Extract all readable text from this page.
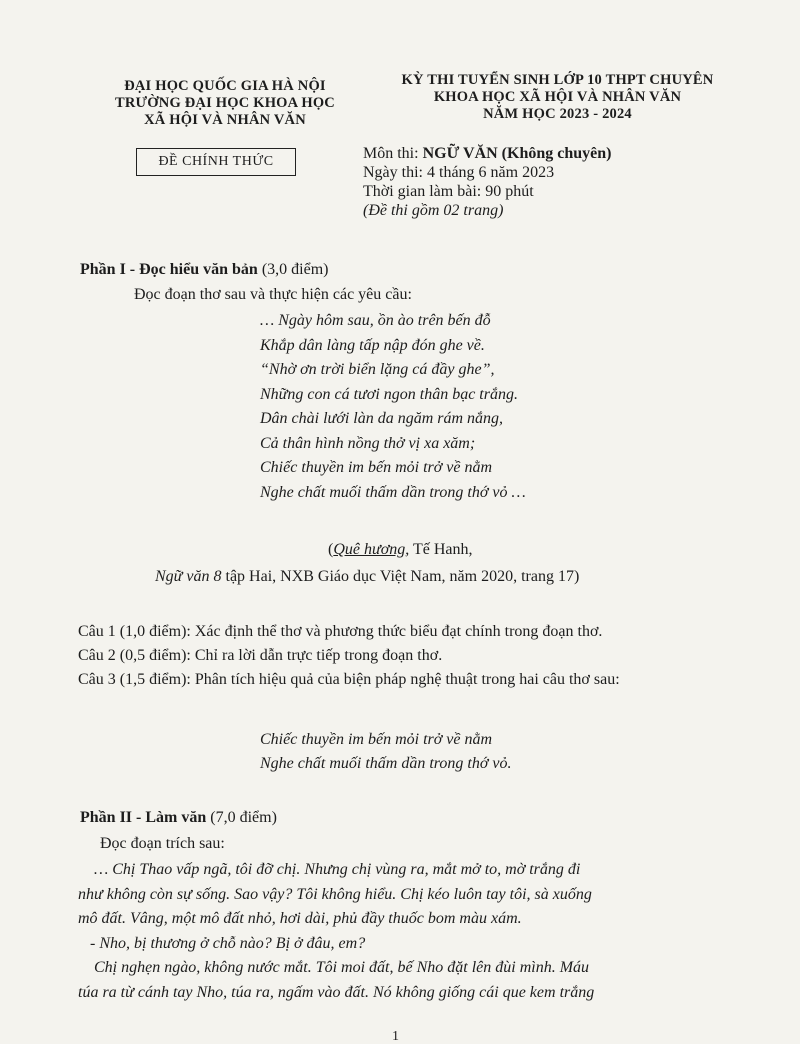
ĐẠI HỌC QUỐC GIA HÀ NỘI
TRƯỜNG ĐẠI HỌC KHOA HỌC
XÃ HỘI VÀ NHÂN VĂN
KỲ THI TUYỂN SINH LỚP 10 THPT CHUYÊN
KHOA HỌC XÃ HỘI VÀ NHÂN VĂN
NĂM HỌC 2023 - 2024
ĐỀ CHÍNH THỨC	Môn thi: NGỮ VĂN (Không chuyên)
Ngày thi: 4 tháng 6 năm 2023
Thời gian làm bài: 90 phút
(Đề thi gồm 02 trang)
Phần I - Đọc hiểu văn bản (3,0 điểm)
Đọc đoạn thơ sau và thực hiện các yêu cầu:
… Ngày hôm sau, ồn ào trên bến đỗ
Khắp dân làng tấp nập đón ghe về.
“Nhờ ơn trời biển lặng cá đầy ghe”,
Những con cá tươi ngon thân bạc trắng.
Dân chài lưới làn da ngăm rám nắng,
Cả thân hình nồng thở vị xa xăm;
Chiếc thuyền im bến mỏi trở về nằm
Nghe chất muối thấm dần trong thớ vỏ …
(Quê hương, Tế Hanh,
Ngữ văn 8 tập Hai, NXB Giáo dục Việt Nam, năm 2020, trang 17)
Câu 1 (1,0 điểm): Xác định thể thơ và phương thức biểu đạt chính trong đoạn thơ.
Câu 2 (0,5 điểm): Chỉ ra lời dẫn trực tiếp trong đoạn thơ.
Câu 3 (1,5 điểm): Phân tích hiệu quả của biện pháp nghệ thuật trong hai câu thơ sau:
Chiếc thuyền im bến mỏi trở về nằm
Nghe chất muối thấm dần trong thớ vỏ.
Phần II - Làm văn (7,0 điểm)
Đọc đoạn trích sau:
… Chị Thao vấp ngã, tôi đỡ chị. Nhưng chị vùng ra, mắt mở to, mờ trắng đi
như không còn sự sống. Sao vậy? Tôi không hiểu. Chị kéo luôn tay tôi, sà xuống
mô đất. Vâng, một mô đất nhỏ, hơi dài, phủ đầy thuốc bom màu xám.
- Nho, bị thương ở chỗ nào? Bị ở đâu, em?
Chị nghẹn ngào, không nước mắt. Tôi moi đất, bế Nho đặt lên đùi mình. Máu
túa ra từ cánh tay Nho, túa ra, ngấm vào đất. Nó không giống cái que kem trắng
1
